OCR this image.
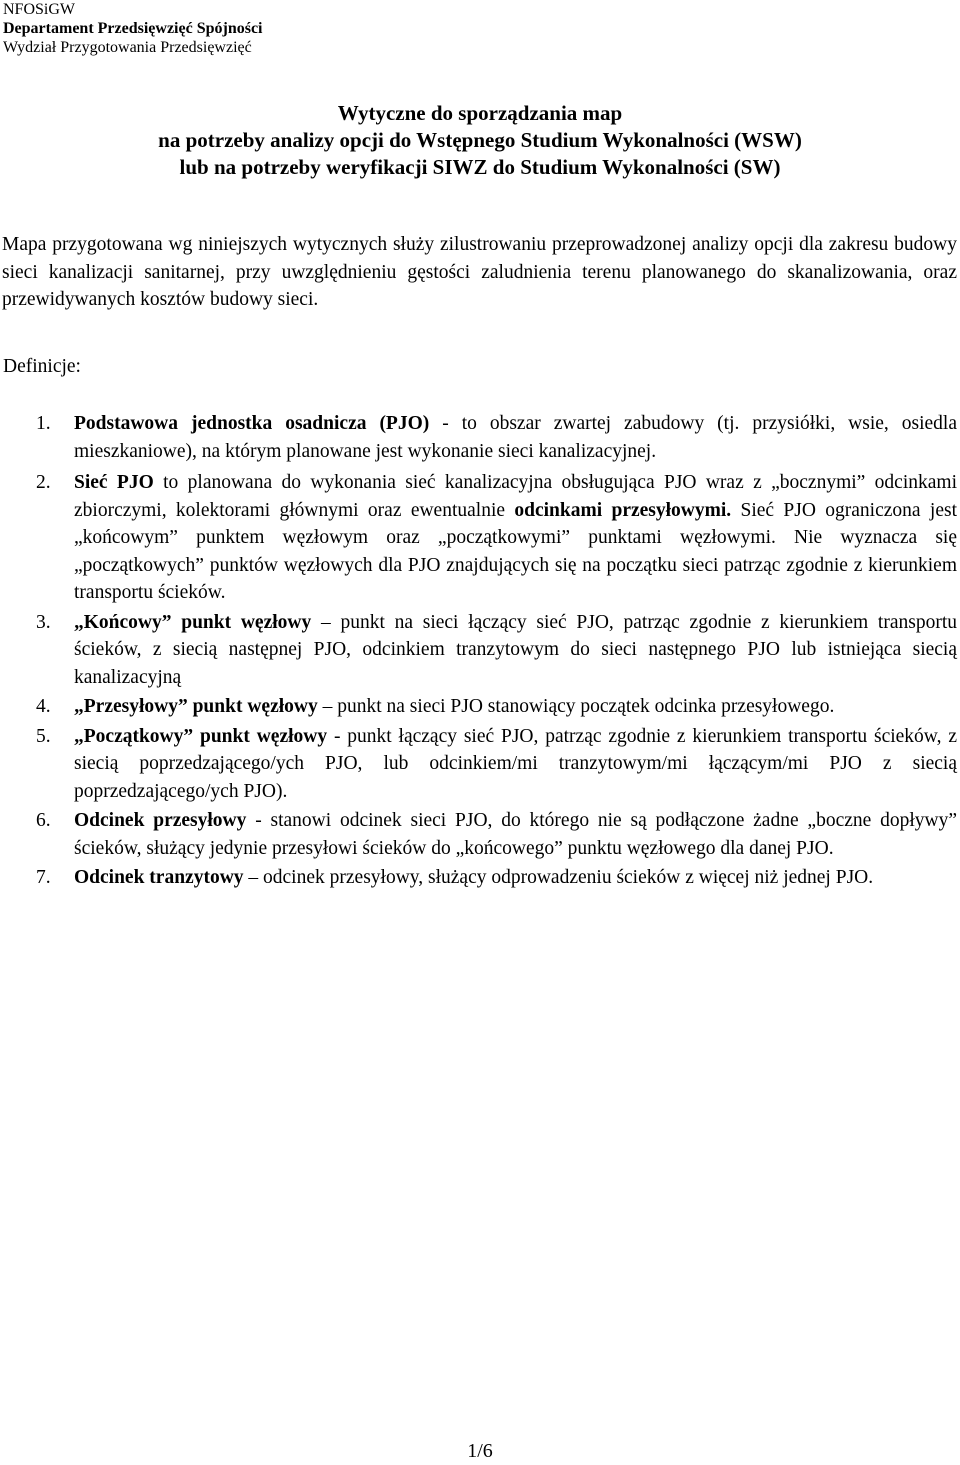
NFOSiGW
Departament Przedsięwzięć Spójności
Wydział Przygotowania Przedsięwzięć
Wytyczne do sporządzania map
na potrzeby analizy opcji do Wstępnego Studium Wykonalności (WSW)
lub na potrzeby weryfikacji SIWZ do Studium Wykonalności (SW)

Mapa przygotowana wg niniejszych wytycznych służy zilustrowaniu przeprowadzonej analizy opcji dla zakresu budowy sieci kanalizacji sanitarnej, przy uwzględnieniu gęstości zaludnienia terenu planowanego do skanalizowania, oraz przewidywanych kosztów budowy sieci.

Definicje:
1. Podstawowa jednostka osadnicza (PJO) - to obszar zwartej zabudowy (tj. przysiółki, wsie, osiedla mieszkaniowe), na którym planowane jest wykonanie sieci kanalizacyjnej.
2. Sieć PJO to planowana do wykonania sieć kanalizacyjna obsługująca PJO wraz z „bocznymi” odcinkami zbiorczymi, kolektorami głównymi oraz ewentualnie odcinkami przesyłowymi. Sieć PJO ograniczona jest „końcowym” punktem węzłowym oraz „początkowymi” punktami węzłowymi. Nie wyznacza się „początkowych” punktów węzłowych dla PJO znajdujących się na początku sieci patrząc zgodnie z kierunkiem transportu ścieków.
3. „Końcowy” punkt węzłowy – punkt na sieci łączący sieć PJO, patrząc zgodnie z kierunkiem transportu ścieków, z siecią następnej PJO, odcinkiem tranzytowym do sieci następnego PJO lub istniejąca siecią kanalizacyjną
4. „Przesyłowy” punkt węzłowy – punkt na sieci PJO stanowiący początek odcinka przesyłowego.
5. „Początkowy” punkt węzłowy - punkt łączący sieć PJO, patrząc zgodnie z kierunkiem transportu ścieków, z siecią poprzedzającego/ych PJO, lub odcinkiem/mi tranzytowym/mi łączącym/mi PJO z siecią poprzedzającego/ych PJO).
6. Odcinek przesyłowy - stanowi odcinek sieci PJO, do którego nie są podłączone żadne „boczne dopływy” ścieków, służący jedynie przesyłowi ścieków do „końcowego” punktu węzłowego dla danej PJO.
7. Odcinek tranzytowy – odcinek przesyłowy, służący odprowadzeniu ścieków z więcej niż jednej PJO.
1/6
